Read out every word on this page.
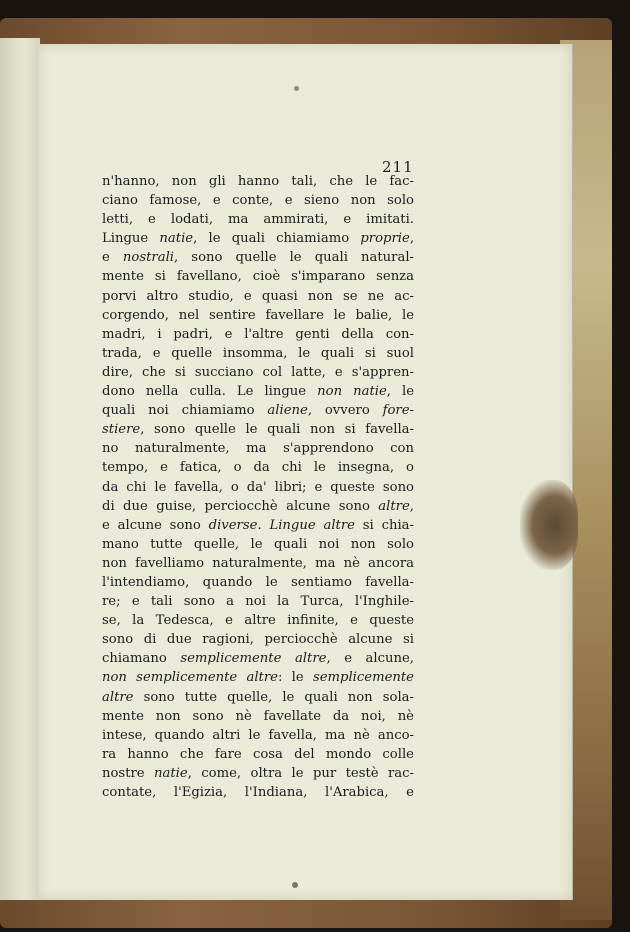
211
n'hanno, non gli hanno tali, che le fac-
ciano famose, e conte, e sieno non solo
letti, e lodati, ma ammirati, e imitati.
Lingue natie, le quali chiamiamo proprie,
e nostrali, sono quelle le quali natural-
mente si favellano, cioè s'imparano senza
porvi altro studio, e quasi non se ne ac-
corgendo, nel sentire favellare le balie, le
madri, i padri, e l'altre genti della con-
trada, e quelle insomma, le quali si suol
dire, che si succiano col latte, e s'appren-
dono nella culla. Le lingue non natie, le
quali noi chiamiamo aliene, ovvero fore-
stiere, sono quelle le quali non si favella-
no naturalmente, ma s'apprendono con
tempo, e fatica, o da chi le insegna, o
da chi le favella, o da' libri; e queste sono
di due guise, perciocchè alcune sono altre,
e alcune sono diverse. Lingue altre si chia-
mano tutte quelle, le quali noi non solo
non favelliamo naturalmente, ma nè ancora
l'intendiamo, quando le sentiamo favella-
re; e tali sono a noi la Turca, l'Inghile-
se, la Tedesca, e altre infinite, e queste
sono di due ragioni, perciocchè alcune si
chiamano semplicemente altre, e alcune,
non semplicemente altre: le semplicemente
altre sono tutte quelle, le quali non sola-
mente non sono nè favellate da noi, nè
intese, quando altri le favella, ma nè anco-
ra hanno che fare cosa del mondo colle
nostre natie, come, oltra le pur testè rac-
contate, l'Egizia, l'Indiana, l'Arabica, e
